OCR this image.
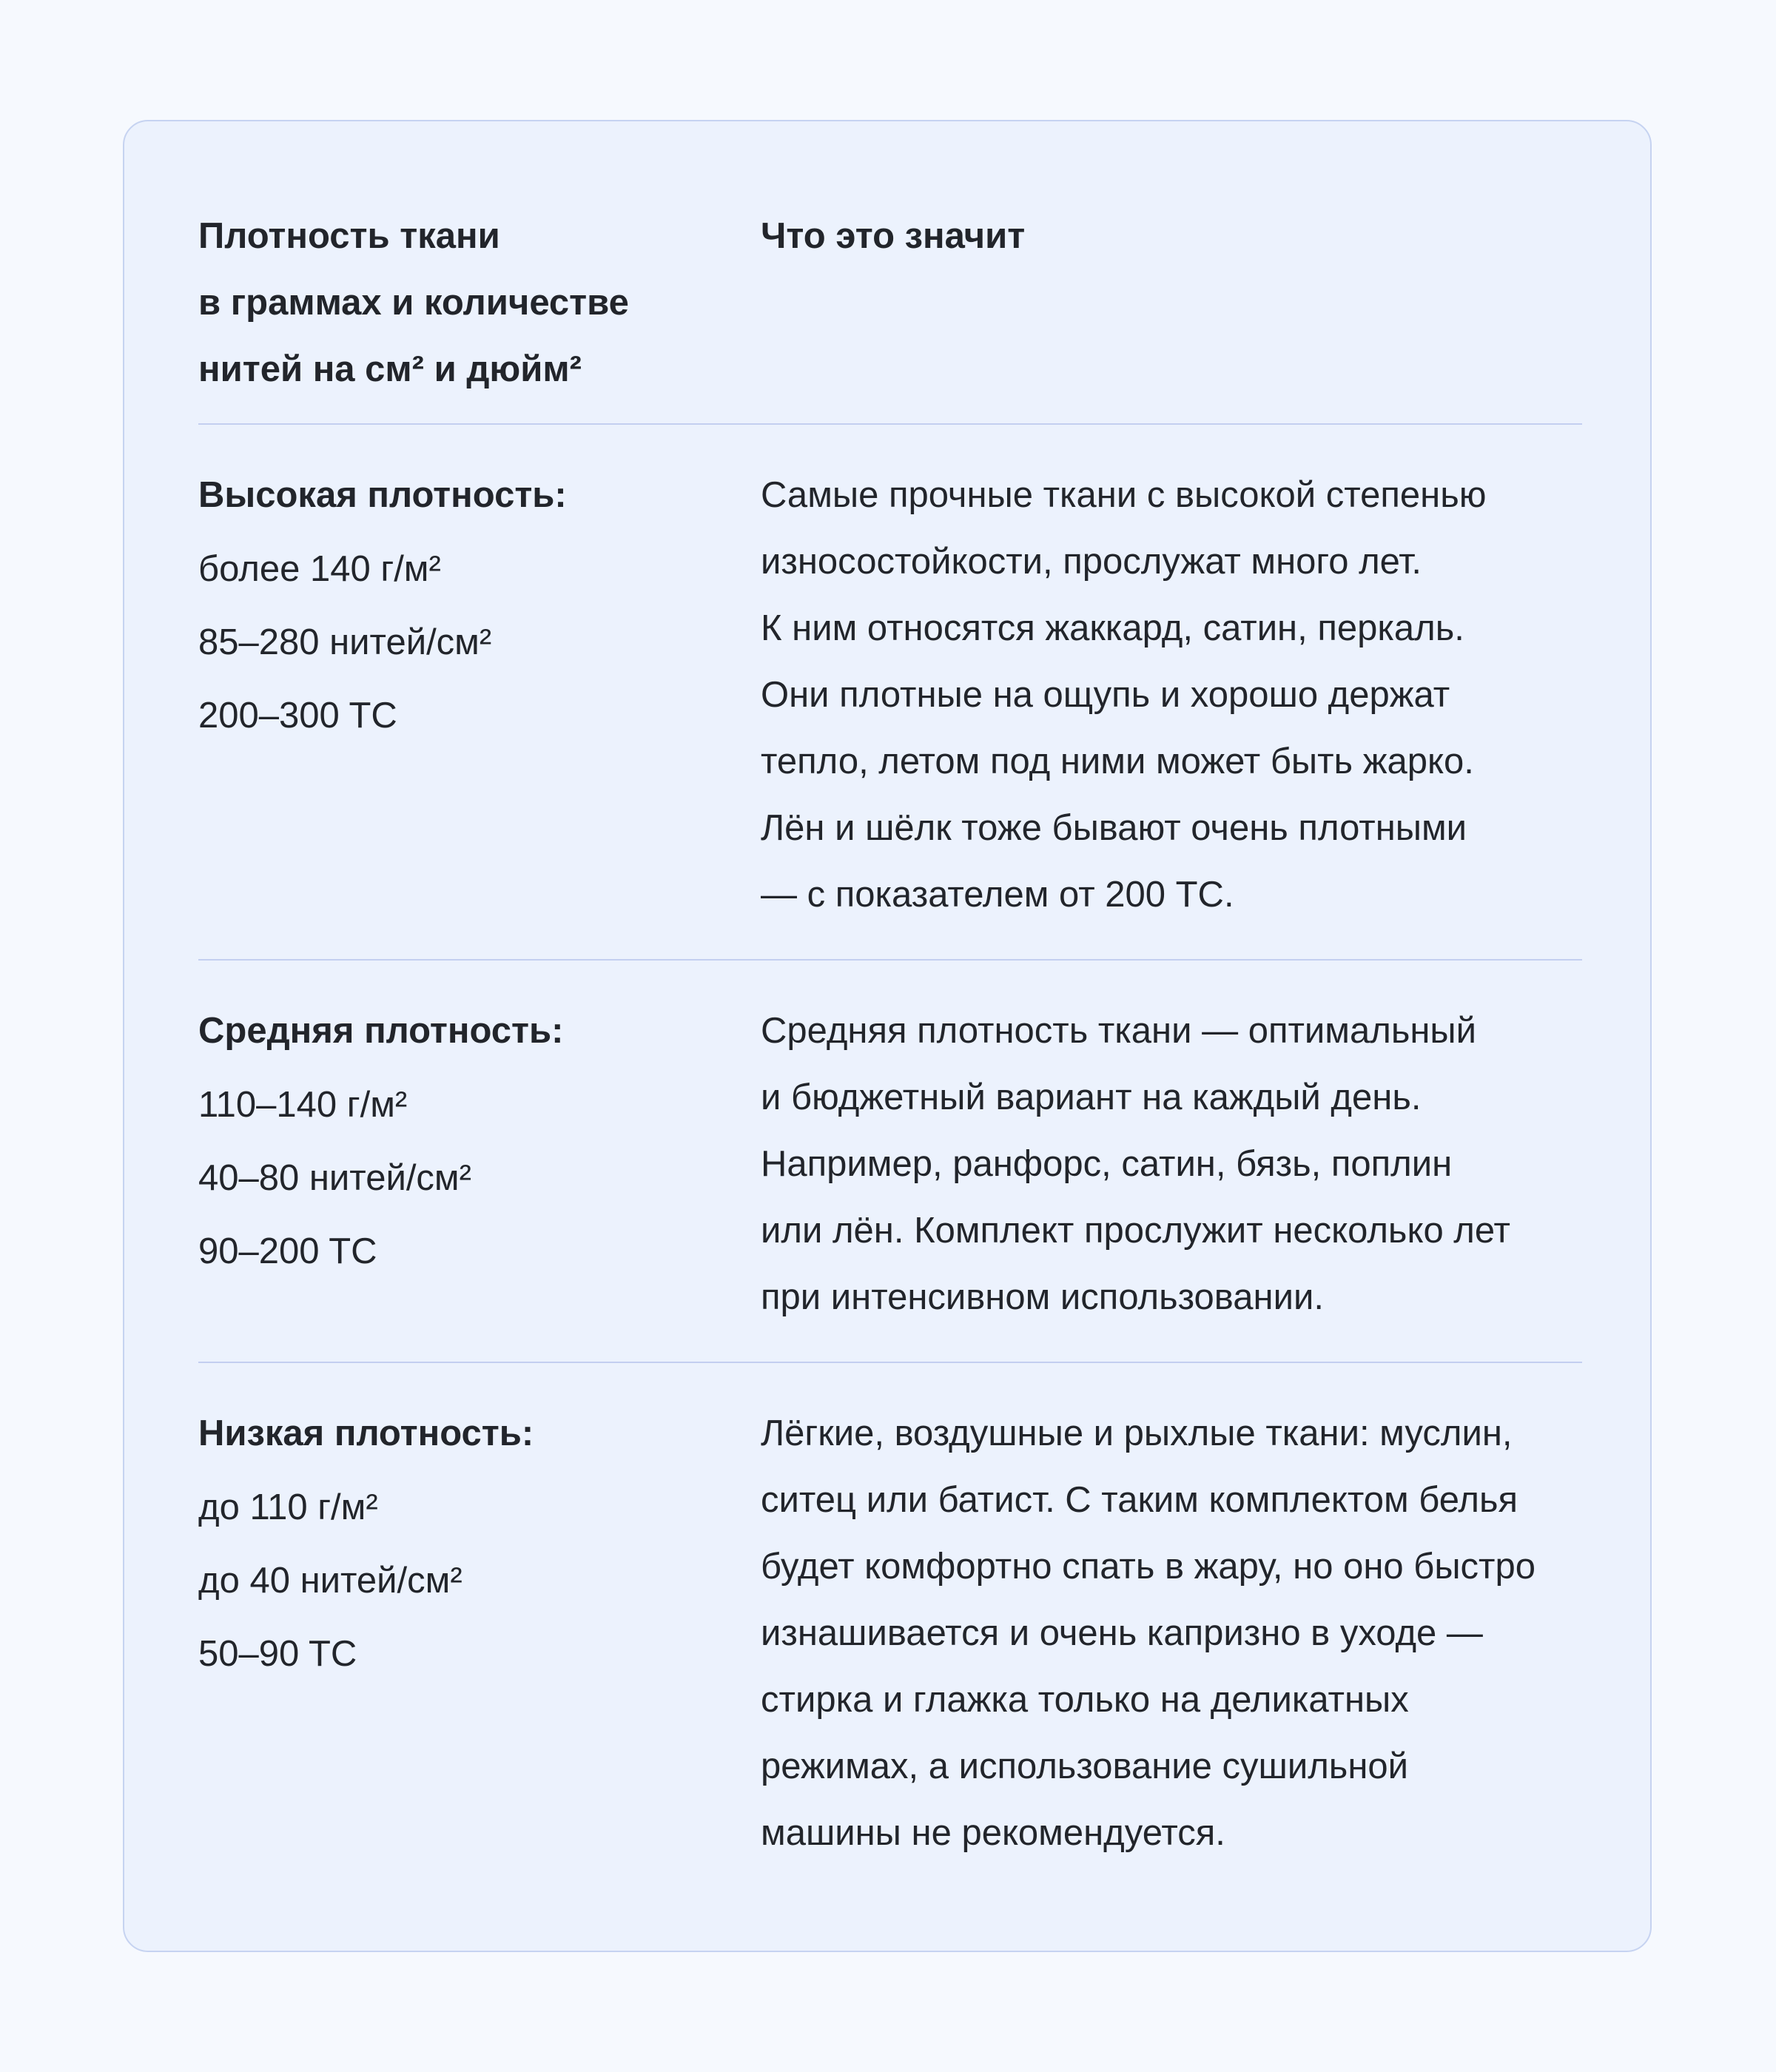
Плотность ткани
в граммах и количестве
нитей на см² и дюйм²

Что это значит

Высокая плотность:

более 140 г/м²
85–280 нитей/см²
200–300 TC

Самые прочные ткани с высокой степенью
износостойкости, прослужат много лет.
К ним относятся жаккард, сатин, перкаль.
Они плотные на ощупь и хорошо держат
тепло, летом под ними может быть жарко.
Лён и шёлк тоже бывают очень плотными
— с показателем от 200 TC.

Средняя плотность:

110–140 г/м²
40–80 нитей/см²
90–200 TC

Средняя плотность ткани — оптимальный
и бюджетный вариант на каждый день.
Например, ранфорс, сатин, бязь, поплин
или лён. Комплект прослужит несколько лет
при интенсивном использовании.

Низкая плотность:

до 110 г/м²
до 40 нитей/см²
50–90 TC

Лёгкие, воздушные и рыхлые ткани: муслин,
ситец или батист. С таким комплектом белья
будет комфортно спать в жару, но оно быстро
изнашивается и очень капризно в уходе —
стирка и глажка только на деликатных
режимах, а использование сушильной
машины не рекомендуется.
